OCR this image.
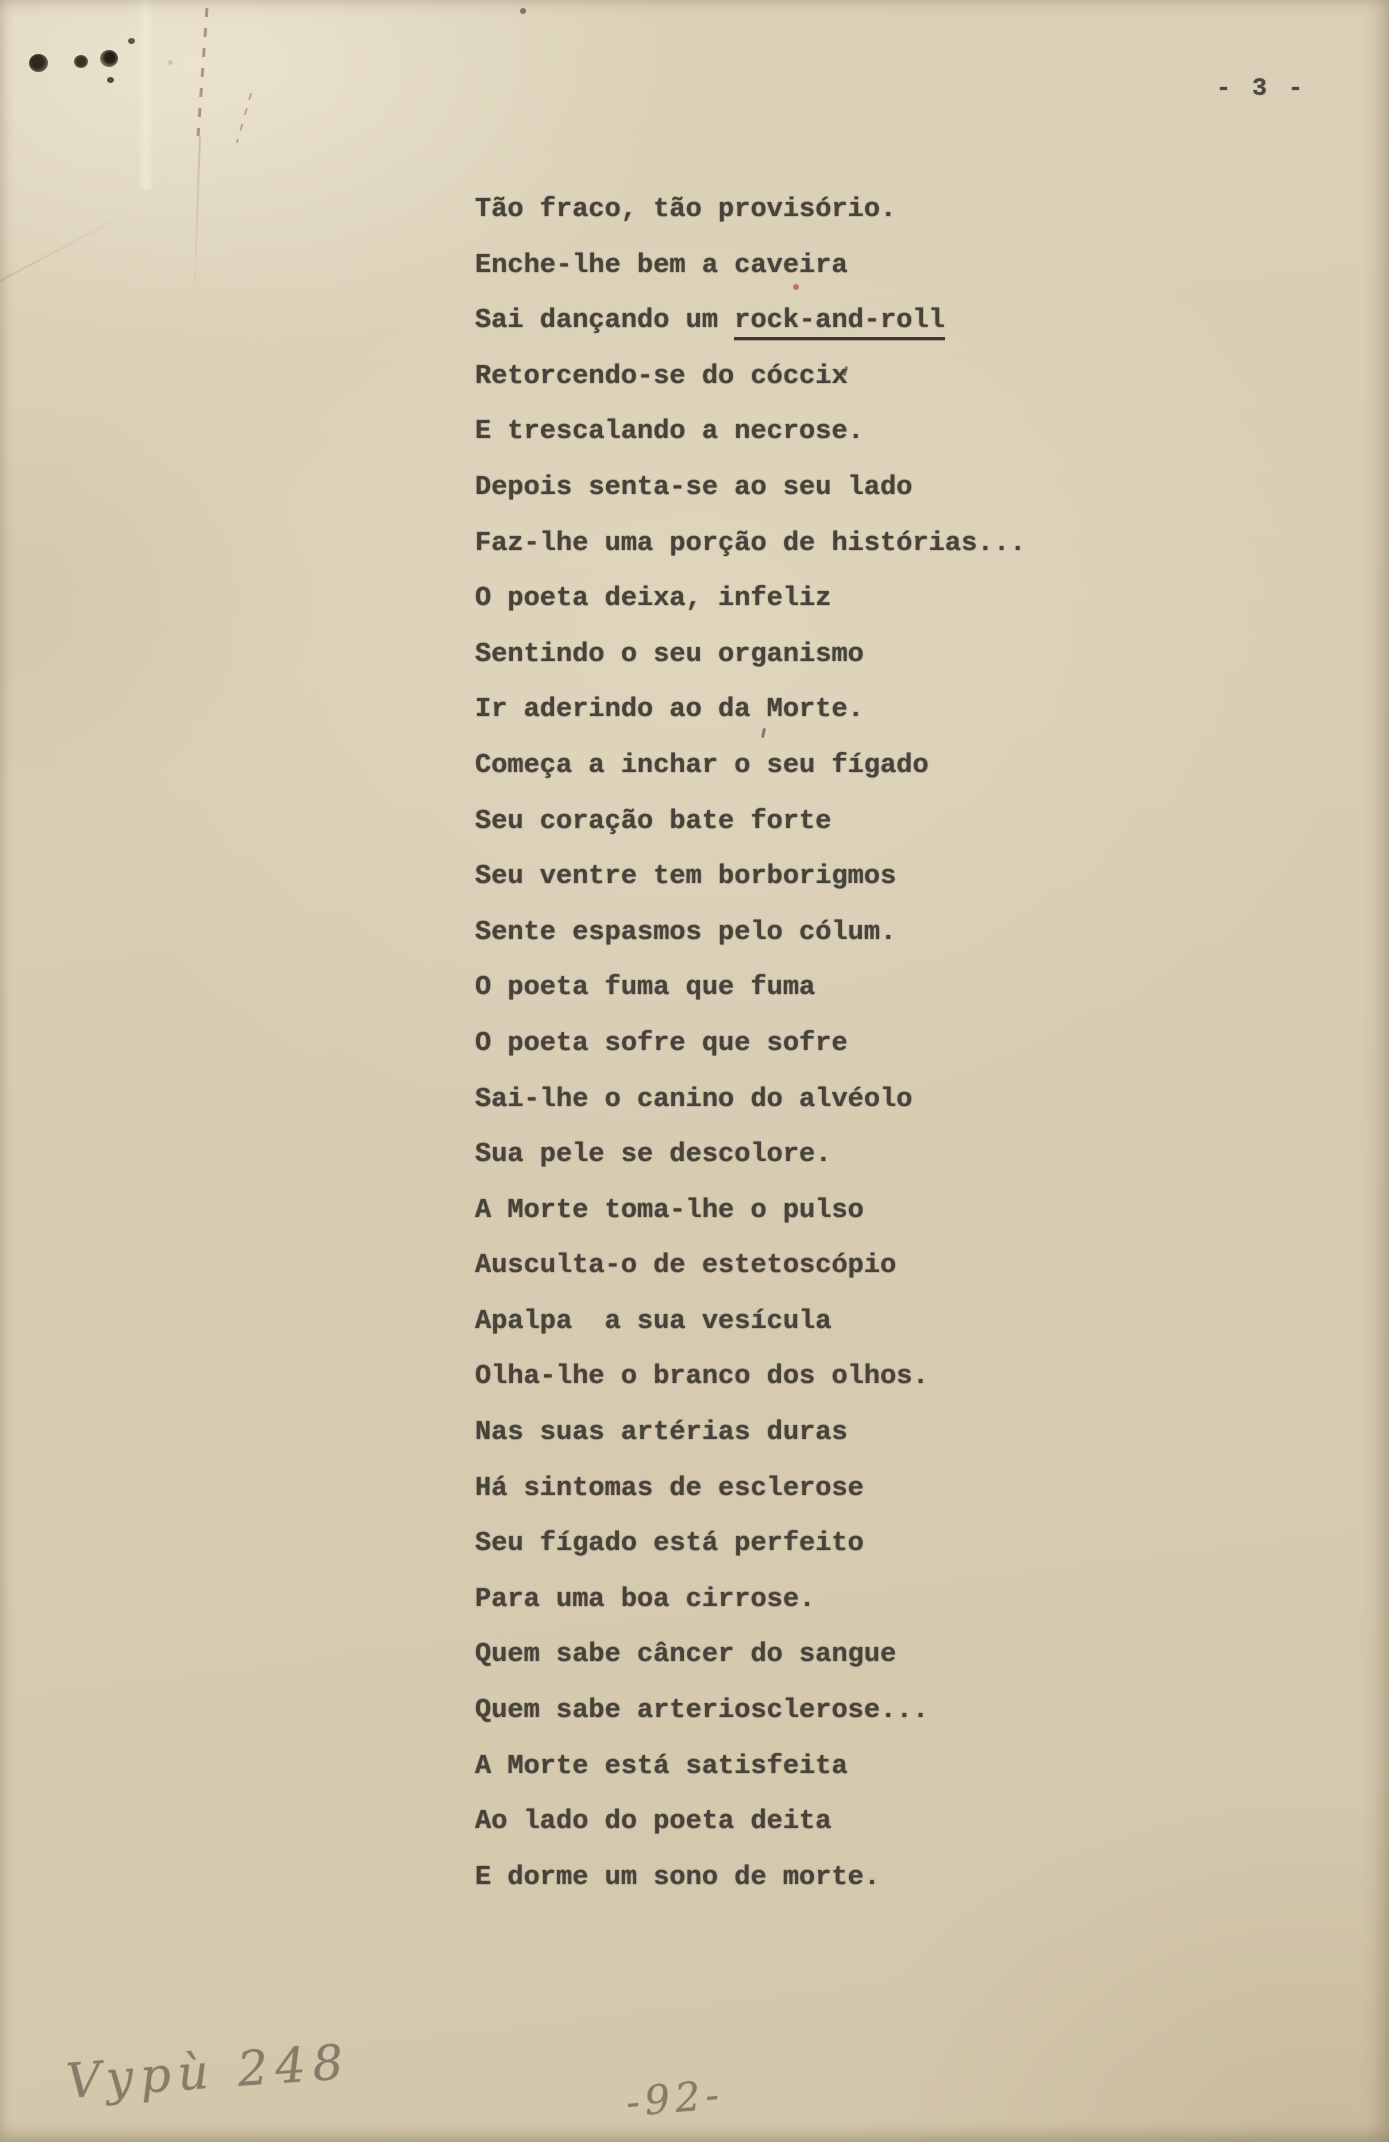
- 3 -
Tão fraco, tão provisório.
Enche-lhe bem a caveira
Sai dançando um rock-and-roll
Retorcendo-se do cóccix
E trescalando a necrose.
Depois senta-se ao seu lado
Faz-lhe uma porção de histórias...
O poeta deixa, infeliz
Sentindo o seu organismo
Ir aderindo ao da Morte.
Começa a inchar o seu fígado
Seu coração bate forte
Seu ventre tem borborigmos
Sente espasmos pelo cólum.
O poeta fuma que fuma
O poeta sofre que sofre
Sai-lhe o canino do alvéolo
Sua pele se descolore.
A Morte toma-lhe o pulso
Ausculta-o de estetoscópio
Apalpa  a sua vesícula
Olha-lhe o branco dos olhos.
Nas suas artérias duras
Há sintomas de esclerose
Seu fígado está perfeito
Para uma boa cirrose.
Quem sabe câncer do sangue
Quem sabe arteriosclerose...
A Morte está satisfeita
Ao lado do poeta deita
E dorme um sono de morte.
Vypù 248	-92-
